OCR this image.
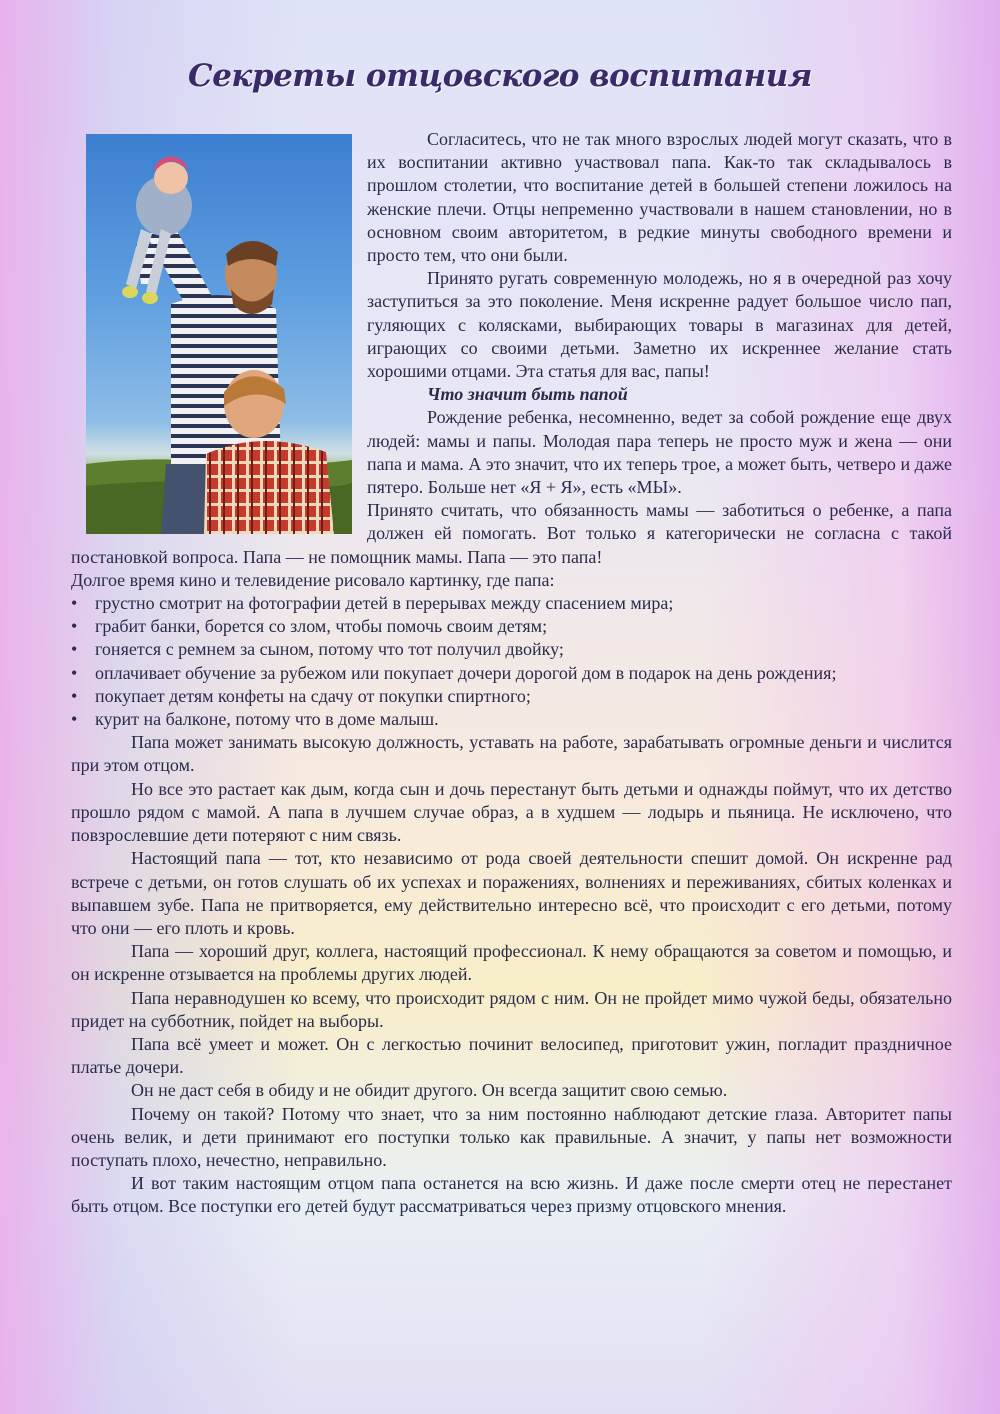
Секреты отцовского воспитания

Согласитесь, что не так много взрослых людей могут сказать, что в их воспитании активно участвовал папа. Как-то так складывалось в прошлом столетии, что воспитание детей в большей степени ложилось на женские плечи. Отцы непременно участвовали в нашем становлении, но в основном своим авторитетом, в редкие минуты свободного времени и просто тем, что они были.

Принято ругать современную молодежь, но я в очередной раз хочу заступиться за это поколение. Меня искренне радует большое число пап, гуляющих с колясками, выбирающих товары в магазинах для детей, играющих со своими детьми. Заметно их искреннее желание стать хорошими отцами. Эта статья для вас, папы!

Что значит быть папой

Рождение ребенка, несомненно, ведет за собой рождение еще двух людей: мамы и папы. Молодая пара теперь не просто муж и жена — они папа и мама. А это значит, что их теперь трое, а может быть, четверо и даже пятеро. Больше нет «Я + Я», есть «МЫ».

Принято считать, что обязанность мамы — заботиться о ребенке, а папа должен ей помогать. Вот только я категорически не согласна с такой постановкой вопроса. Папа — не помощник мамы. Папа — это папа!

Долгое время кино и телевидение рисовало картинку, где папа:

• грустно смотрит на фотографии детей в перерывах между спасением мира;
• грабит банки, борется со злом, чтобы помочь своим детям;
• гоняется с ремнем за сыном, потому что тот получил двойку;
• оплачивает обучение за рубежом или покупает дочери дорогой дом в подарок на день рождения;
• покупает детям конфеты на сдачу от покупки спиртного;
• курит на балконе, потому что в доме малыш.

Папа может занимать высокую должность, уставать на работе, зарабатывать огромные деньги и числится при этом отцом.

Но все это растает как дым, когда сын и дочь перестанут быть детьми и однажды поймут, что их детство прошло рядом с мамой. А папа в лучшем случае образ, а в худшем — лодырь и пьяница. Не исключено, что повзрослевшие дети потеряют с ним связь.

Настоящий папа — тот, кто независимо от рода своей деятельности спешит домой. Он искренне рад встрече с детьми, он готов слушать об их успехах и поражениях, волнениях и переживаниях, сбитых коленках и выпавшем зубе. Папа не притворяется, ему действительно интересно всё, что происходит с его детьми, потому что они — его плоть и кровь.

Папа — хороший друг, коллега, настоящий профессионал. К нему обращаются за советом и помощью, и он искренне отзывается на проблемы других людей.

Папа неравнодушен ко всему, что происходит рядом с ним. Он не пройдет мимо чужой беды, обязательно придет на субботник, пойдет на выборы.

Папа всё умеет и может. Он с легкостью починит велосипед, приготовит ужин, погладит праздничное платье дочери.

Он не даст себя в обиду и не обидит другого. Он всегда защитит свою семью.

Почему он такой? Потому что знает, что за ним постоянно наблюдают детские глаза. Авторитет папы очень велик, и дети принимают его поступки только как правильные. А значит, у папы нет возможности поступать плохо, нечестно, неправильно.

И вот таким настоящим отцом папа останется на всю жизнь. И даже после смерти отец не перестанет быть отцом. Все поступки его детей будут рассматриваться через призму отцовского мнения.
